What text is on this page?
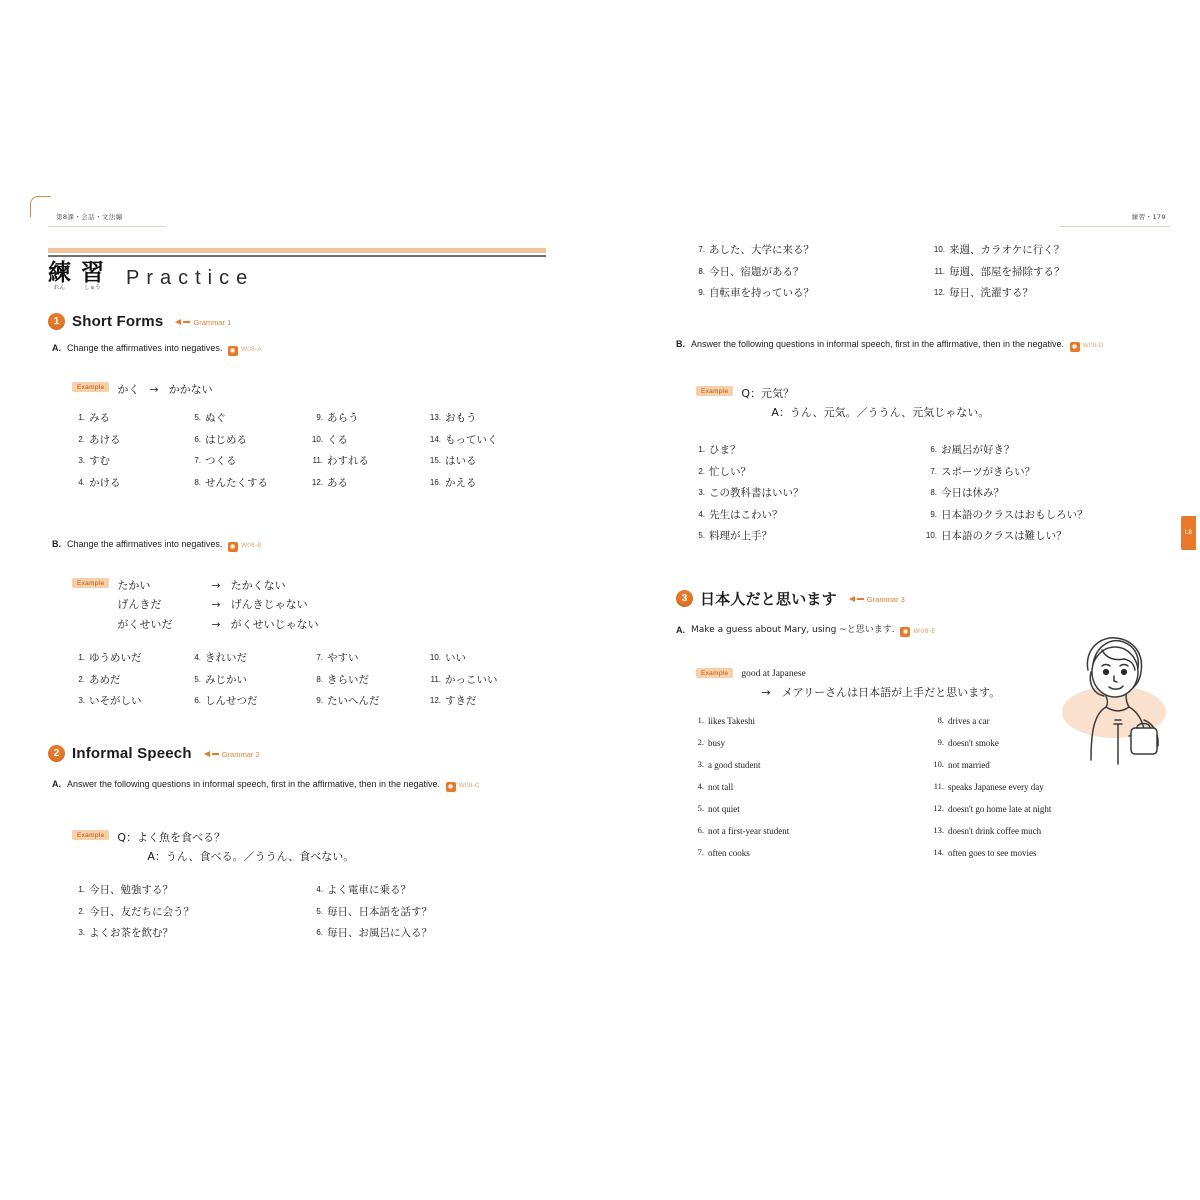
第8課・会話・文法編
練
れん
習
しゅう Practice
1 Short Forms	Grammar 1
A. Change the affirmatives into negatives.	W08-A
Example	かく → かかない
1. みる
2. あける
3. すむ
4. かける
5. ぬぐ
6. はじめる
7. つくる
8. せんたくする
9. あらう
10. くる
11. わすれる
12. ある
13. おもう
14. もっていく
15. はいる
16. かえる
B. Change the affirmatives into negatives.	W08-B
Example	たかい	→ たかくない
げんきだ	→ げんきじゃない
がくせいだ	→ がくせいじゃない
1. ゆうめいだ
2. あめだ
3. いそがしい
4. きれいだ
5. みじかい
6. しんせつだ
7. やすい
8. きらいだ
9. たいへんだ
10. いい
11. かっこいい
12. すきだ
2 Informal Speech	Grammar 2
A. Answer the following questions in informal speech, first in the affirmative, then in the negative.	W08-C
Example	Q：よく魚を食べる？
A：うん、食べる。／ううん、食べない。
1. 今日、勉強する？
2. 今日、友だちに会う？
3. よくお茶を飲む？
4. よく電車に乗る？
5. 毎日、日本語を話す？
6. 毎日、お風呂に入る？
練習・179
7. あした、大学に来る？
8. 今日、宿題がある？
9. 自転車を持っている？
10. 来週、カラオケに行く？
11. 毎週、部屋を掃除する？
12. 毎日、洗濯する？
B. Answer the following questions in informal speech, first in the affirmative, then in the negative.	W08-D
Example	Q：元気？
A：うん、元気。／ううん、元気じゃない。
1. ひま？
2. 忙しい？
3. この教科書はいい？
4. 先生はこわい？
5. 料理が上手？
6. お風呂が好き？
7. スポーツがきらい？
8. 今日は休み？
9. 日本語のクラスはおもしろい？
10. 日本語のクラスは難しい？	L8
3 日本人だと思います	Grammar 3
A. Make a guess about Mary, using ~と思います.	W08-E
Example	good at Japanese
→　メアリーさんは日本語が上手だと思います。
1. likes Takeshi
2. busy
3. a good student
4. not tall
5. not quiet
6. not a first-year student
7. often cooks
8. drives a car
9. doesn't smoke
10. not married
11. speaks Japanese every day
12. doesn't go home late at night
13. doesn't drink coffee much
14. often goes to see movies
